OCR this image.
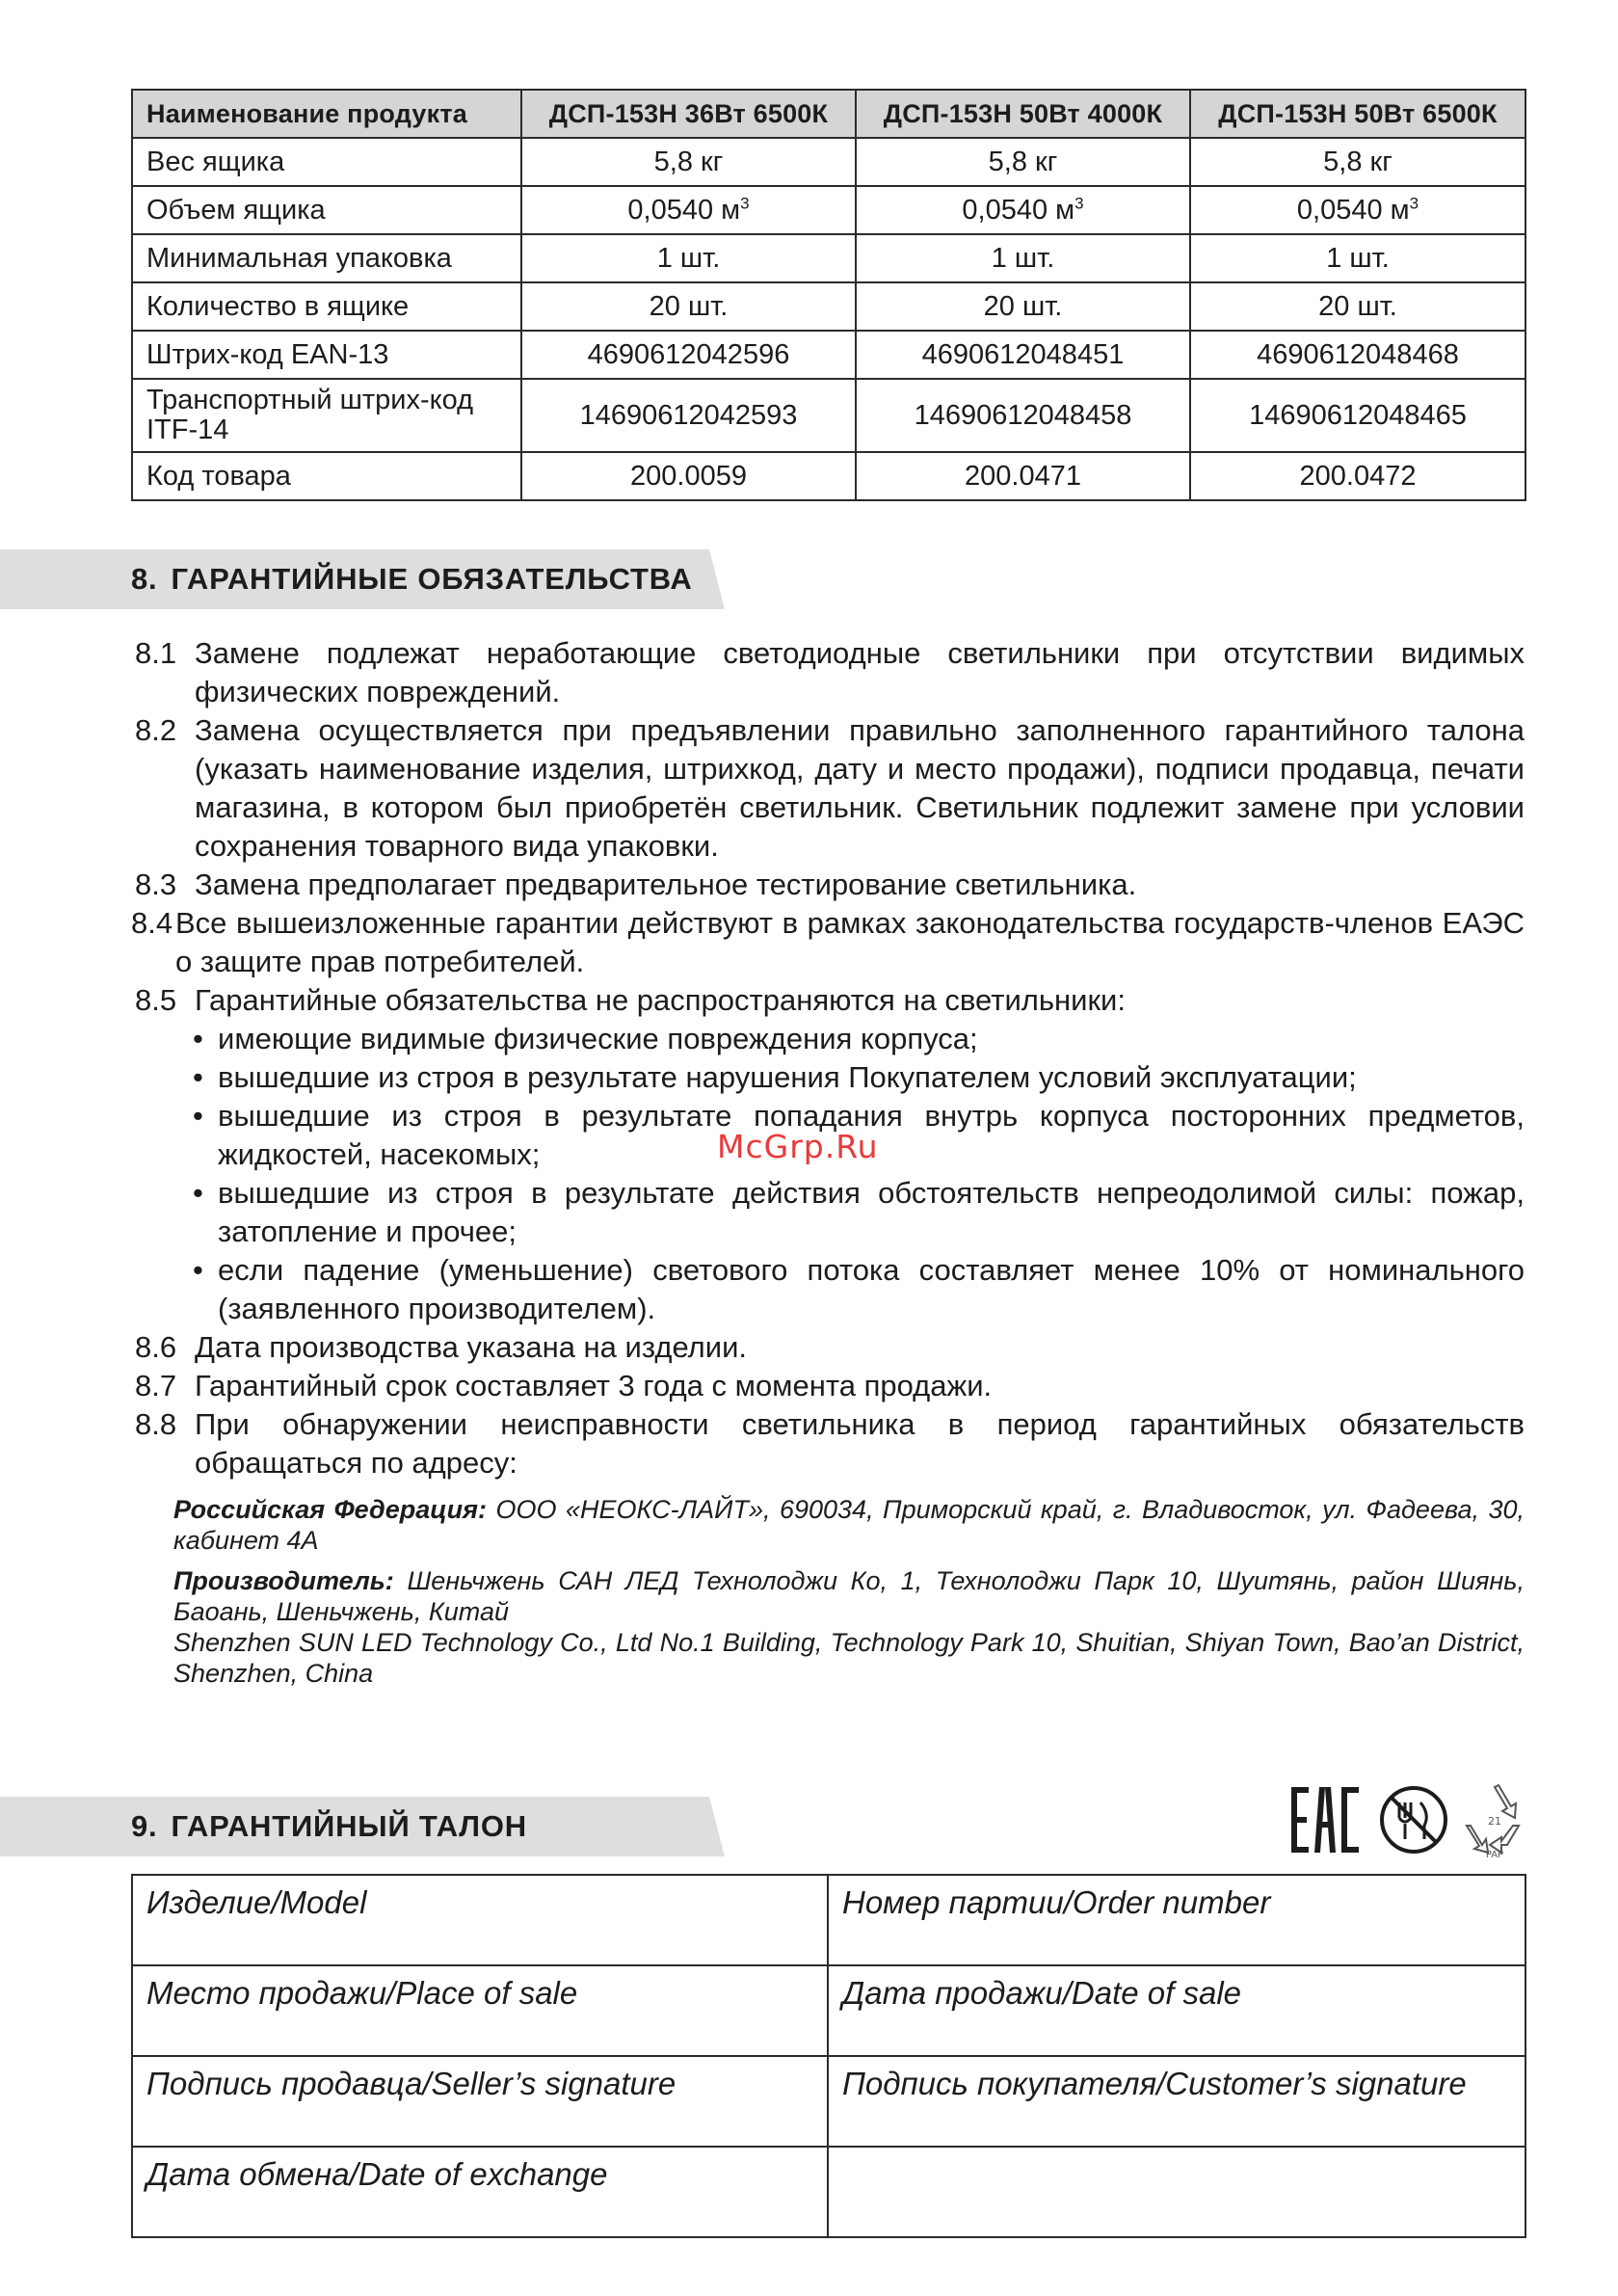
Наименование продукта	ДСП-153Н 36Вт 6500К	ДСП-153Н 50Вт 4000К	ДСП-153Н 50Вт 6500К
Вес ящика	5,8 кг	5,8 кг	5,8 кг
Объем ящика	0,0540 $м^3$	0,0540 $м^3$	0,0540 $м^3$
Минимальная упаковка	1 шт.	1 шт.	1 шт.
Количество в ящике	20 шт.	20 шт.	20 шт.
Штрих-код EAN-13	4690612042596	4690612048451	4690612048468

Транспортный штрих-код
ITF-14	14690612042593	14690612048458	14690612048465
Код товара	200.0059	200.0471	200.0472
8. ГАРАНТИЙНЫЕ ОБЯЗАТЕЛЬСТВА
8.1 Замене подлежат неработающие светодиодные светильники при отсутствии видимых физических повреждений.
8.2 Замена осуществляется при предъявлении правильно заполненного гарантийного талона (указать наименование изделия, штрихкод, дату и место продажи), подписи продавца, печати магазина, в котором был приобретён светильник. Светильник подлежит замене при условии сохранения товарного вида упаковки.
8.3 Замена предполагает предварительное тестирование светильника.
8.4 Все вышеизложенные гарантии действуют в рамках законодательства государств-членов ЕАЭС о защите прав потребителей.
8.5 Гарантийные обязательства не распространяются на светильники:
• имеющие видимые физические повреждения корпуса;
• вышедшие из строя в результате нарушения Покупателем условий эксплуатации;
• вышедшие из строя в результате попадания внутрь корпуса посторонних предметов, жидкостей, насекомых;
• вышедшие из строя в результате действия обстоятельств непреодолимой силы: пожар, затопление и прочее;
• если падение (уменьшение) светового потока составляет менее 10% от номинального (заявленного производителем).
8.6 Дата производства указана на изделии.
8.7 Гарантийный срок составляет 3 года с момента продажи.
8.8 При обнаружении неисправности светильника в период гарантийных обязательств обращаться по адресу:
Российская Федерация: ООО «НЕОКС-ЛАЙТ», 690034, Приморский край, г. Владивосток, ул. Фадеева, 30, кабинет 4А
Производитель: Шеньчжень САН ЛЕД Технолоджи Ко, 1, Технолоджи Парк 10, Шуитянь, район Шиянь, Баоань, Шеньчжень, Китай
Shenzhen SUN LED Technology Co., Ltd No.1 Building, Technology Park 10, Shuitian, Shiyan Town, Bao’an District, Shenzhen, China
McGrp.Ru
9. ГАРАНТИЙНЫЙ ТАЛОН	21
PAP
Изделие/Model	Номер партии/Order number
Место продажи/Place of sale	Дата продажи/Date of sale
Подпись продавца/Seller’s signature	Подпись покупателя/Customer’s signature
Дата обмена/Date of exchange	
